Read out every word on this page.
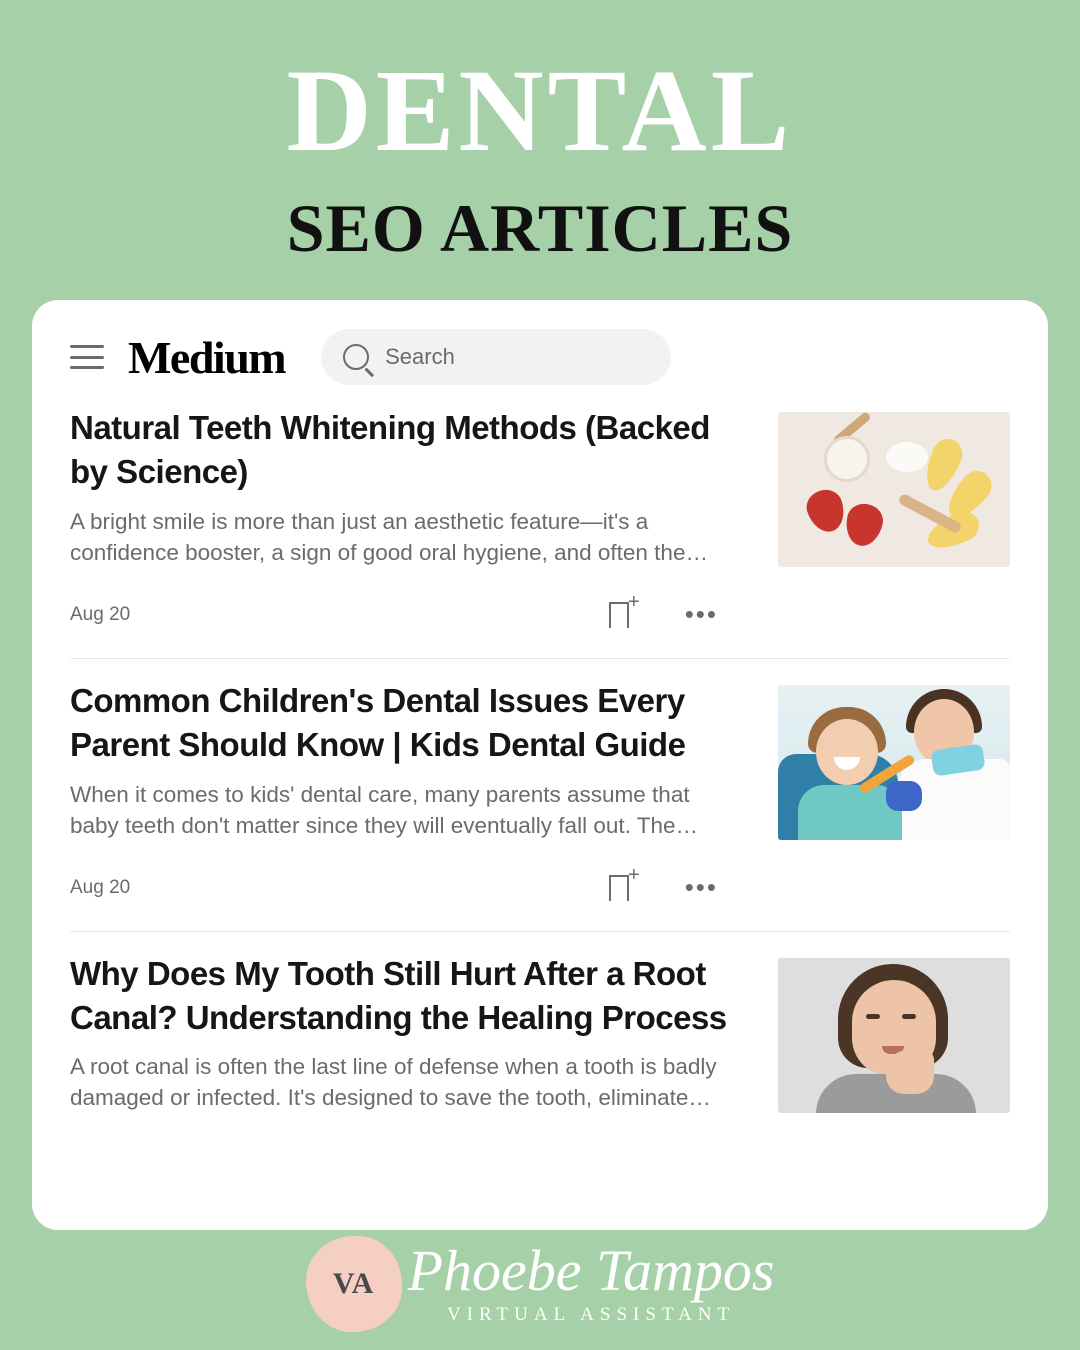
DENTAL
SEO ARTICLES
Medium	Search
Natural Teeth Whitening Methods (Backed by Science)
A bright smile is more than just an aesthetic feature—it's a confidence booster, a sign of good oral hygiene, and often the…
Aug 20 +	•••
Common Children's Dental Issues Every Parent Should Know | Kids Dental Guide
When it comes to kids' dental care, many parents assume that baby teeth don't matter since they will eventually fall out. The…
Aug 20 +	•••
Why Does My Tooth Still Hurt After a Root Canal? Understanding the Healing Process
A root canal is often the last line of defense when a tooth is badly damaged or infected. It's designed to save the tooth, eliminate…
VA Phoebe Tampos
VIRTUAL ASSISTANT
